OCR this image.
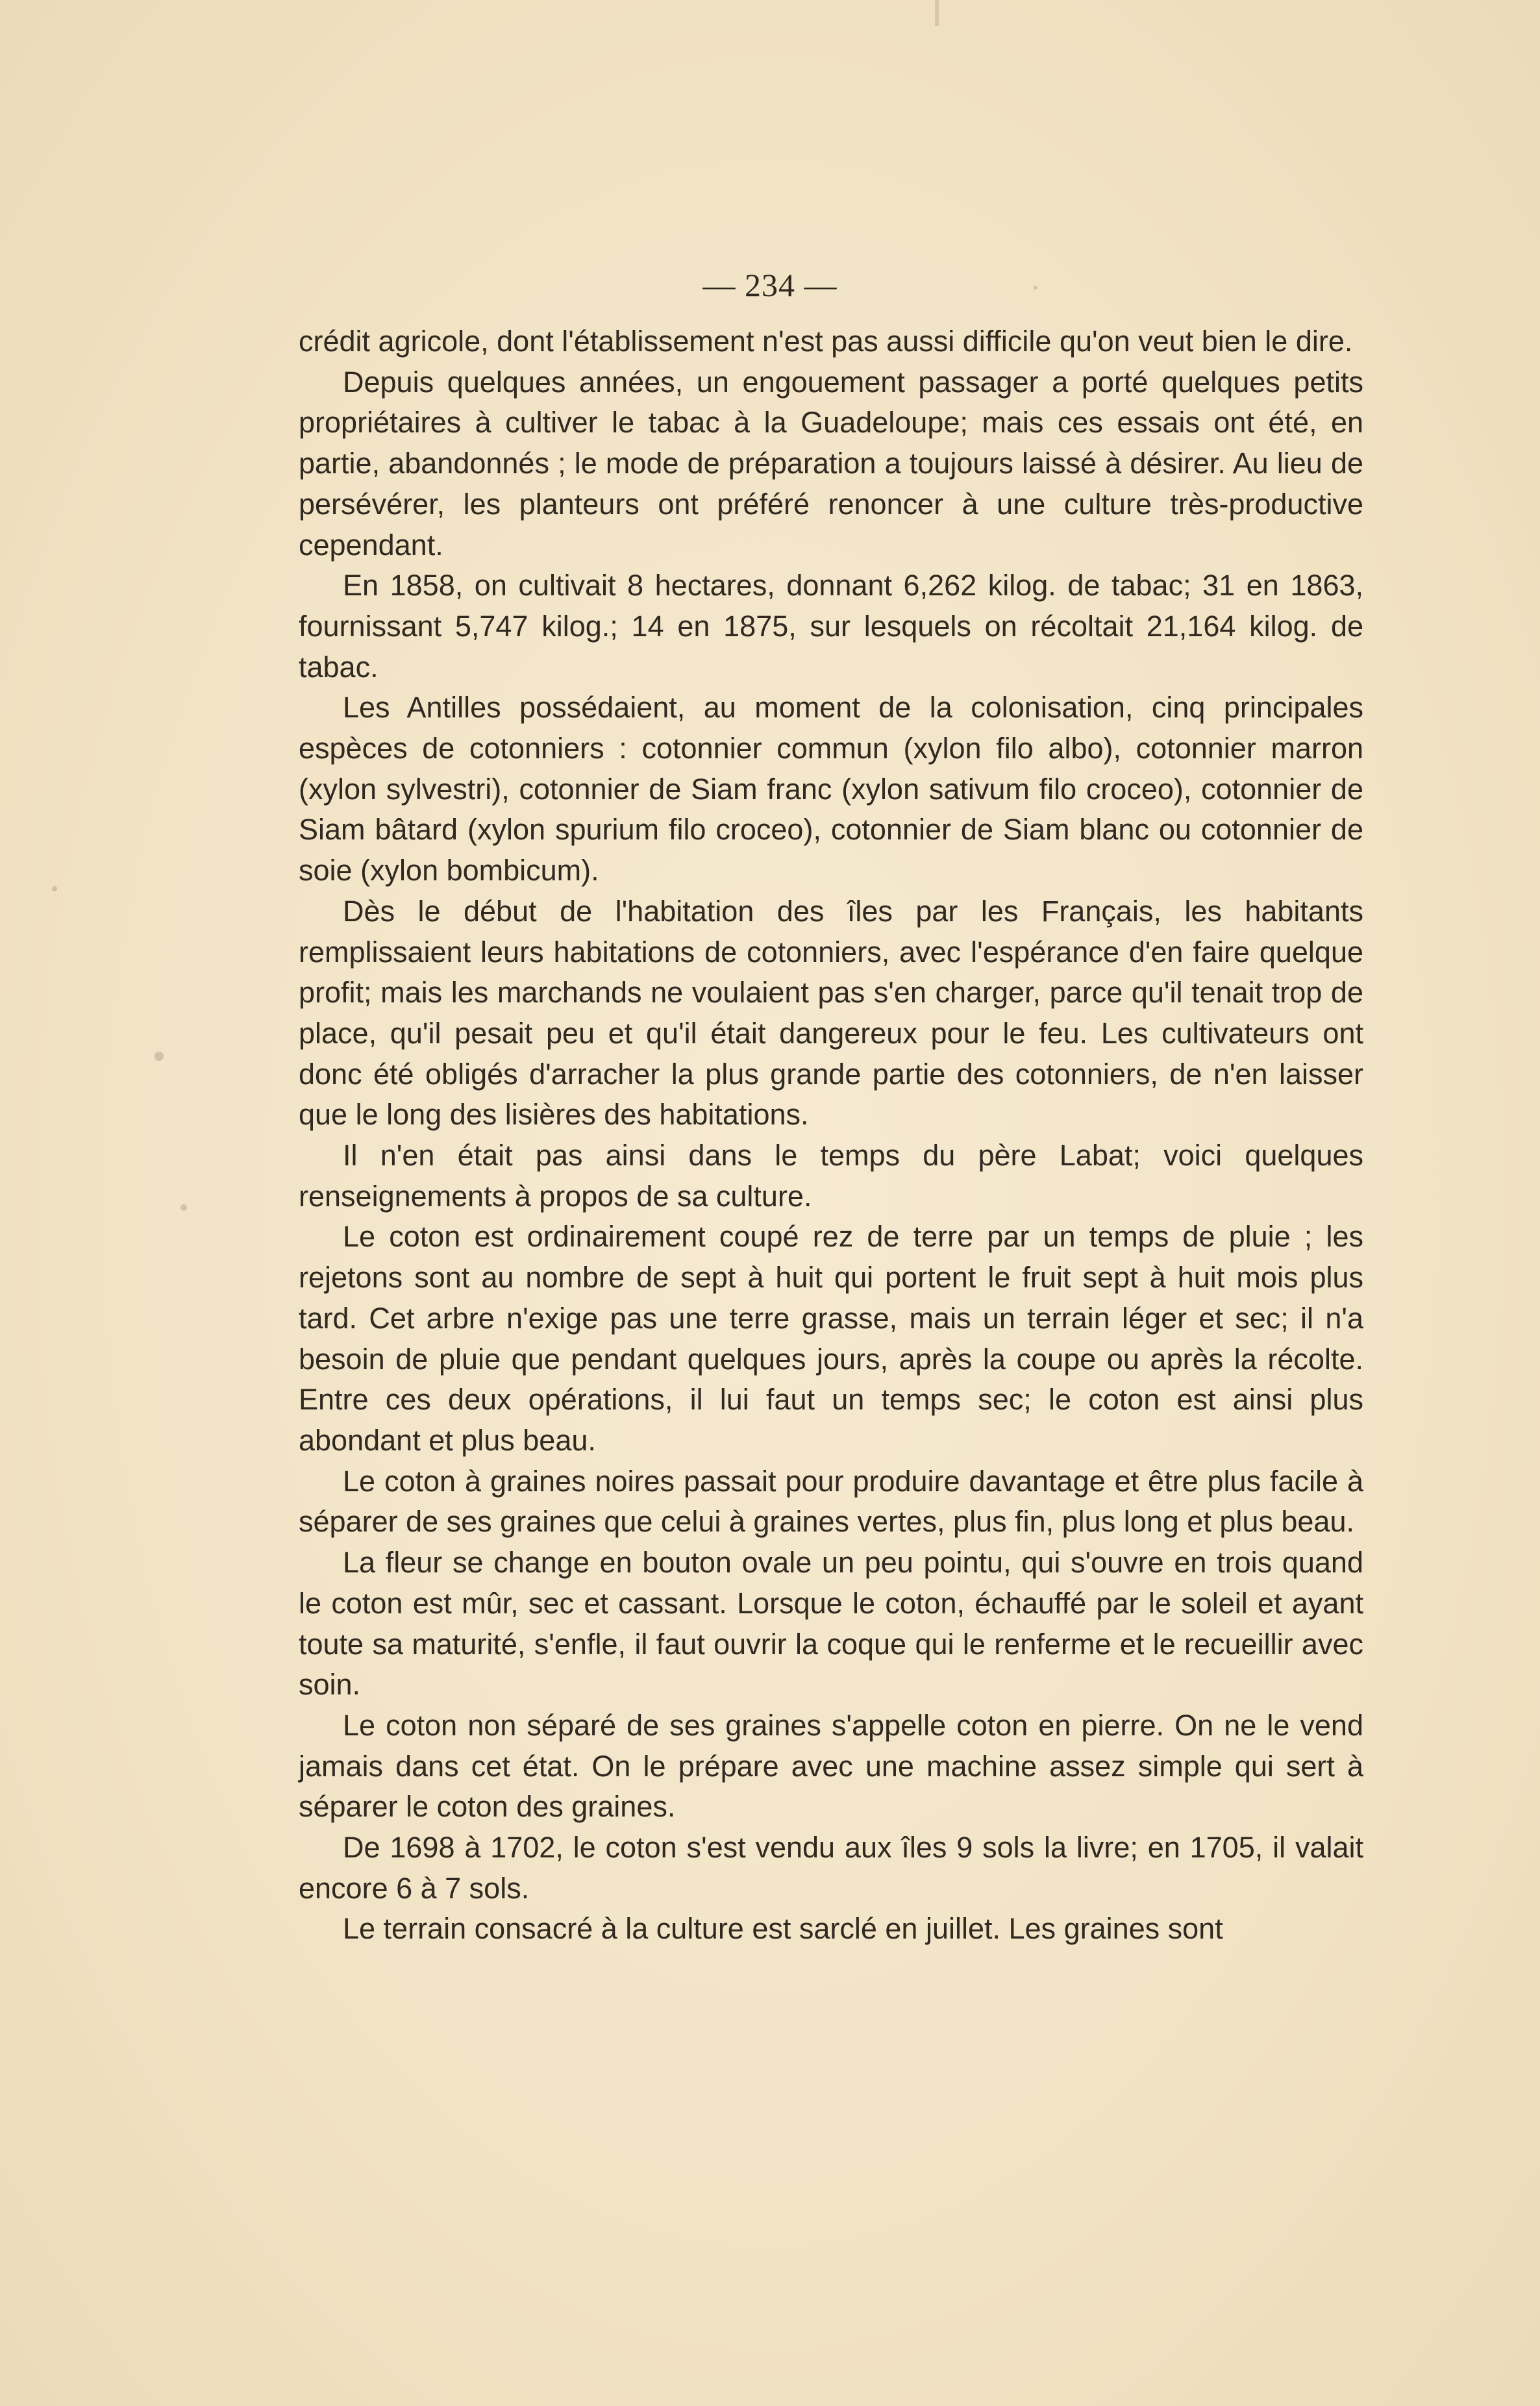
— 234 —

crédit agricole, dont l'établissement n'est pas aussi difficile qu'on veut bien le dire.

Depuis quelques années, un engouement passager a porté quelques petits propriétaires à cultiver le tabac à la Guadeloupe; mais ces essais ont été, en partie, abandonnés ; le mode de préparation a toujours laissé à désirer. Au lieu de persévérer, les planteurs ont préféré renoncer à une culture très-productive cependant.

En 1858, on cultivait 8 hectares, donnant 6,262 kilog. de tabac; 31 en 1863, fournissant 5,747 kilog.; 14 en 1875, sur lesquels on récoltait 21,164 kilog. de tabac.

Les Antilles possédaient, au moment de la colonisation, cinq principales espèces de cotonniers : cotonnier commun (xylon filo albo), cotonnier marron (xylon sylvestri), cotonnier de Siam franc (xylon sativum filo croceo), cotonnier de Siam bâtard (xylon spurium filo croceo), cotonnier de Siam blanc ou cotonnier de soie (xylon bombicum).

Dès le début de l'habitation des îles par les Français, les habitants remplissaient leurs habitations de cotonniers, avec l'espérance d'en faire quelque profit; mais les marchands ne voulaient pas s'en charger, parce qu'il tenait trop de place, qu'il pesait peu et qu'il était dangereux pour le feu. Les cultivateurs ont donc été obligés d'arracher la plus grande partie des cotonniers, de n'en laisser que le long des lisières des habitations.

Il n'en était pas ainsi dans le temps du père Labat; voici quelques renseignements à propos de sa culture.

Le coton est ordinairement coupé rez de terre par un temps de pluie ; les rejetons sont au nombre de sept à huit qui portent le fruit sept à huit mois plus tard. Cet arbre n'exige pas une terre grasse, mais un terrain léger et sec; il n'a besoin de pluie que pendant quelques jours, après la coupe ou après la récolte. Entre ces deux opérations, il lui faut un temps sec; le coton est ainsi plus abondant et plus beau.

Le coton à graines noires passait pour produire davantage et être plus facile à séparer de ses graines que celui à graines vertes, plus fin, plus long et plus beau.

La fleur se change en bouton ovale un peu pointu, qui s'ouvre en trois quand le coton est mûr, sec et cassant. Lorsque le coton, échauffé par le soleil et ayant toute sa maturité, s'enfle, il faut ouvrir la coque qui le renferme et le recueillir avec soin.

Le coton non séparé de ses graines s'appelle coton en pierre. On ne le vend jamais dans cet état. On le prépare avec une machine assez simple qui sert à séparer le coton des graines.

De 1698 à 1702, le coton s'est vendu aux îles 9 sols la livre; en 1705, il valait encore 6 à 7 sols.

Le terrain consacré à la culture est sarclé en juillet. Les graines sont
